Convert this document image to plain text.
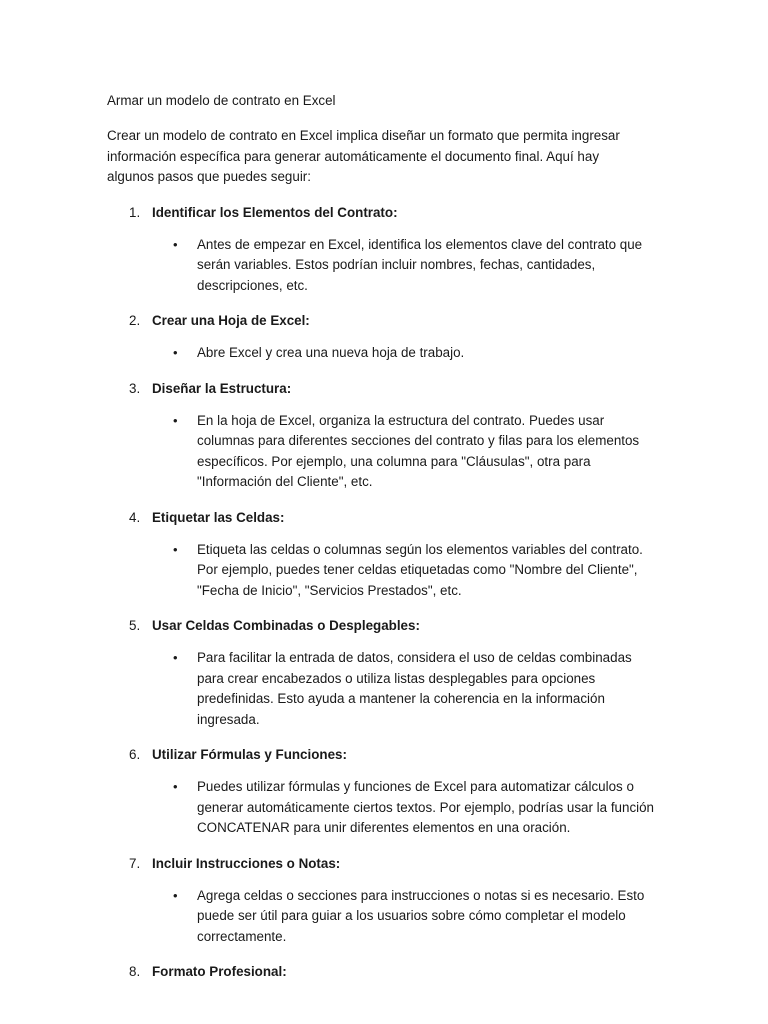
Armar un modelo de contrato en Excel

Crear un modelo de contrato en Excel implica diseñar un formato que permita ingresar información específica para generar automáticamente el documento final. Aquí hay algunos pasos que puedes seguir:

1. Identificar los Elementos del Contrato:
• Antes de empezar en Excel, identifica los elementos clave del contrato que serán variables. Estos podrían incluir nombres, fechas, cantidades, descripciones, etc.
2. Crear una Hoja de Excel:
• Abre Excel y crea una nueva hoja de trabajo.
3. Diseñar la Estructura:
• En la hoja de Excel, organiza la estructura del contrato. Puedes usar columnas para diferentes secciones del contrato y filas para los elementos específicos. Por ejemplo, una columna para "Cláusulas", otra para "Información del Cliente", etc.
4. Etiquetar las Celdas:
• Etiqueta las celdas o columnas según los elementos variables del contrato. Por ejemplo, puedes tener celdas etiquetadas como "Nombre del Cliente", "Fecha de Inicio", "Servicios Prestados", etc.
5. Usar Celdas Combinadas o Desplegables:
• Para facilitar la entrada de datos, considera el uso de celdas combinadas para crear encabezados o utiliza listas desplegables para opciones predefinidas. Esto ayuda a mantener la coherencia en la información ingresada.
6. Utilizar Fórmulas y Funciones:
• Puedes utilizar fórmulas y funciones de Excel para automatizar cálculos o generar automáticamente ciertos textos. Por ejemplo, podrías usar la función CONCATENAR para unir diferentes elementos en una oración.
7. Incluir Instrucciones o Notas:
• Agrega celdas o secciones para instrucciones o notas si es necesario. Esto puede ser útil para guiar a los usuarios sobre cómo completar el modelo correctamente.
8. Formato Profesional:
